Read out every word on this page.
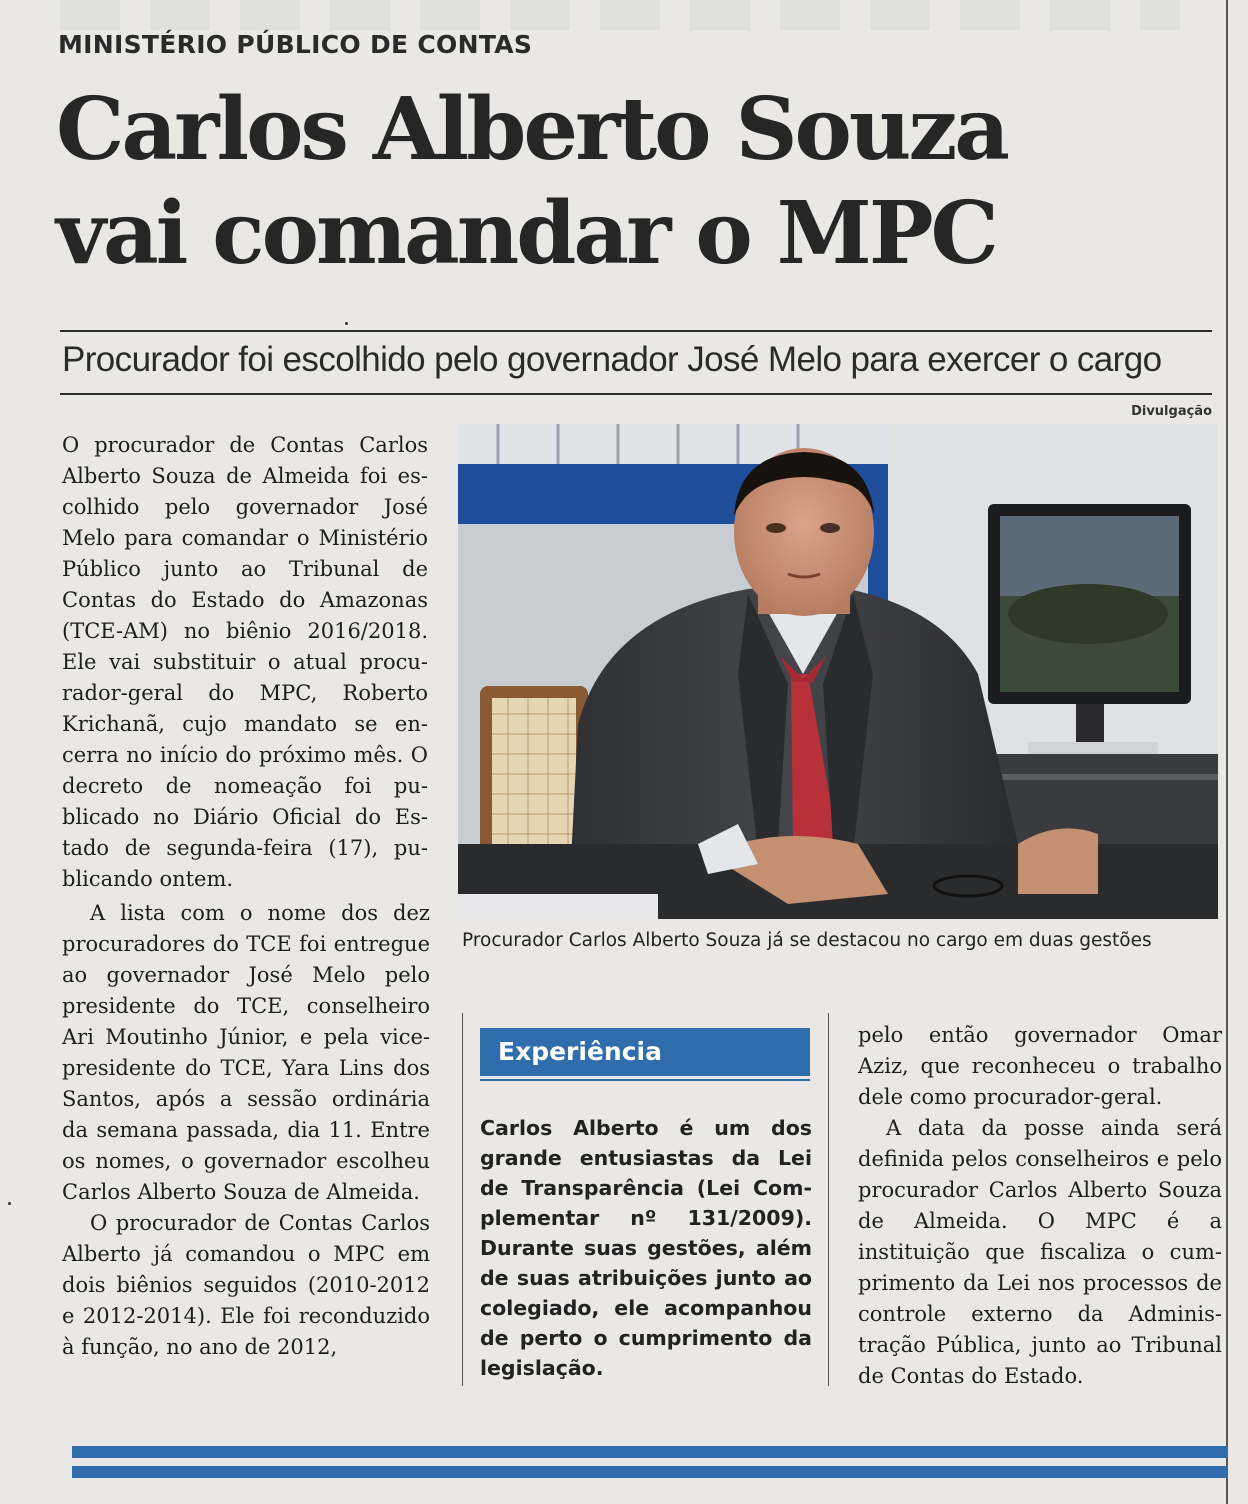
MINISTÉRIO PÚBLICO DE CONTAS
Carlos Alberto Souza
vai comandar o MPC
Procurador foi escolhido pelo governador José Melo para exercer o cargo
Divulgação

O procurador de Contas Carlos Alberto Souza de Almeida foi escolhido pelo governador José Melo para comandar o Ministério Público junto ao Tribunal de Contas do Estado do Amazonas (TCE-AM) no biênio 2016/2018. Ele vai substituir o atual procurador-geral do MPC, Roberto Krichanã, cujo mandato se encerra no início do próximo mês. O decreto de nomeação foi publicado no Diário Oficial do Estado de segunda-feira (17), publicando ontem.

A lista com o nome dos dez procuradores do TCE foi entregue ao governador José Melo pelo presidente do TCE, conselheiro Ari Moutinho Júnior, e pela vice-presidente do TCE, Yara Lins dos Santos, após a sessão ordinária da semana passada, dia 11. Entre os nomes, o governador escolheu Carlos Alberto Souza de Almeida.

O procurador de Contas Carlos Alberto já comandou o MPC em dois biênios seguidos (2010-2012 e 2012-2014). Ele foi reconduzido à função, no ano de 2012,

Procurador Carlos Alberto Souza já se destacou no cargo em duas gestões
Experiência
Carlos Alberto é um dos grande entusiastas da Lei de Transparência (Lei Complementar nº 131/2009). Durante suas gestões, além de suas atribuições junto ao colegiado, ele acompanhou de perto o cumprimento da legislação.

pelo então governador Omar Aziz, que reconheceu o trabalho dele como procurador-geral.

A data da posse ainda será definida pelos conselheiros e pelo procurador Carlos Alberto Souza de Almeida. O MPC é a instituição que fiscaliza o cumprimento da Lei nos processos de controle externo da Administração Pública, junto ao Tribunal de Contas do Estado.
